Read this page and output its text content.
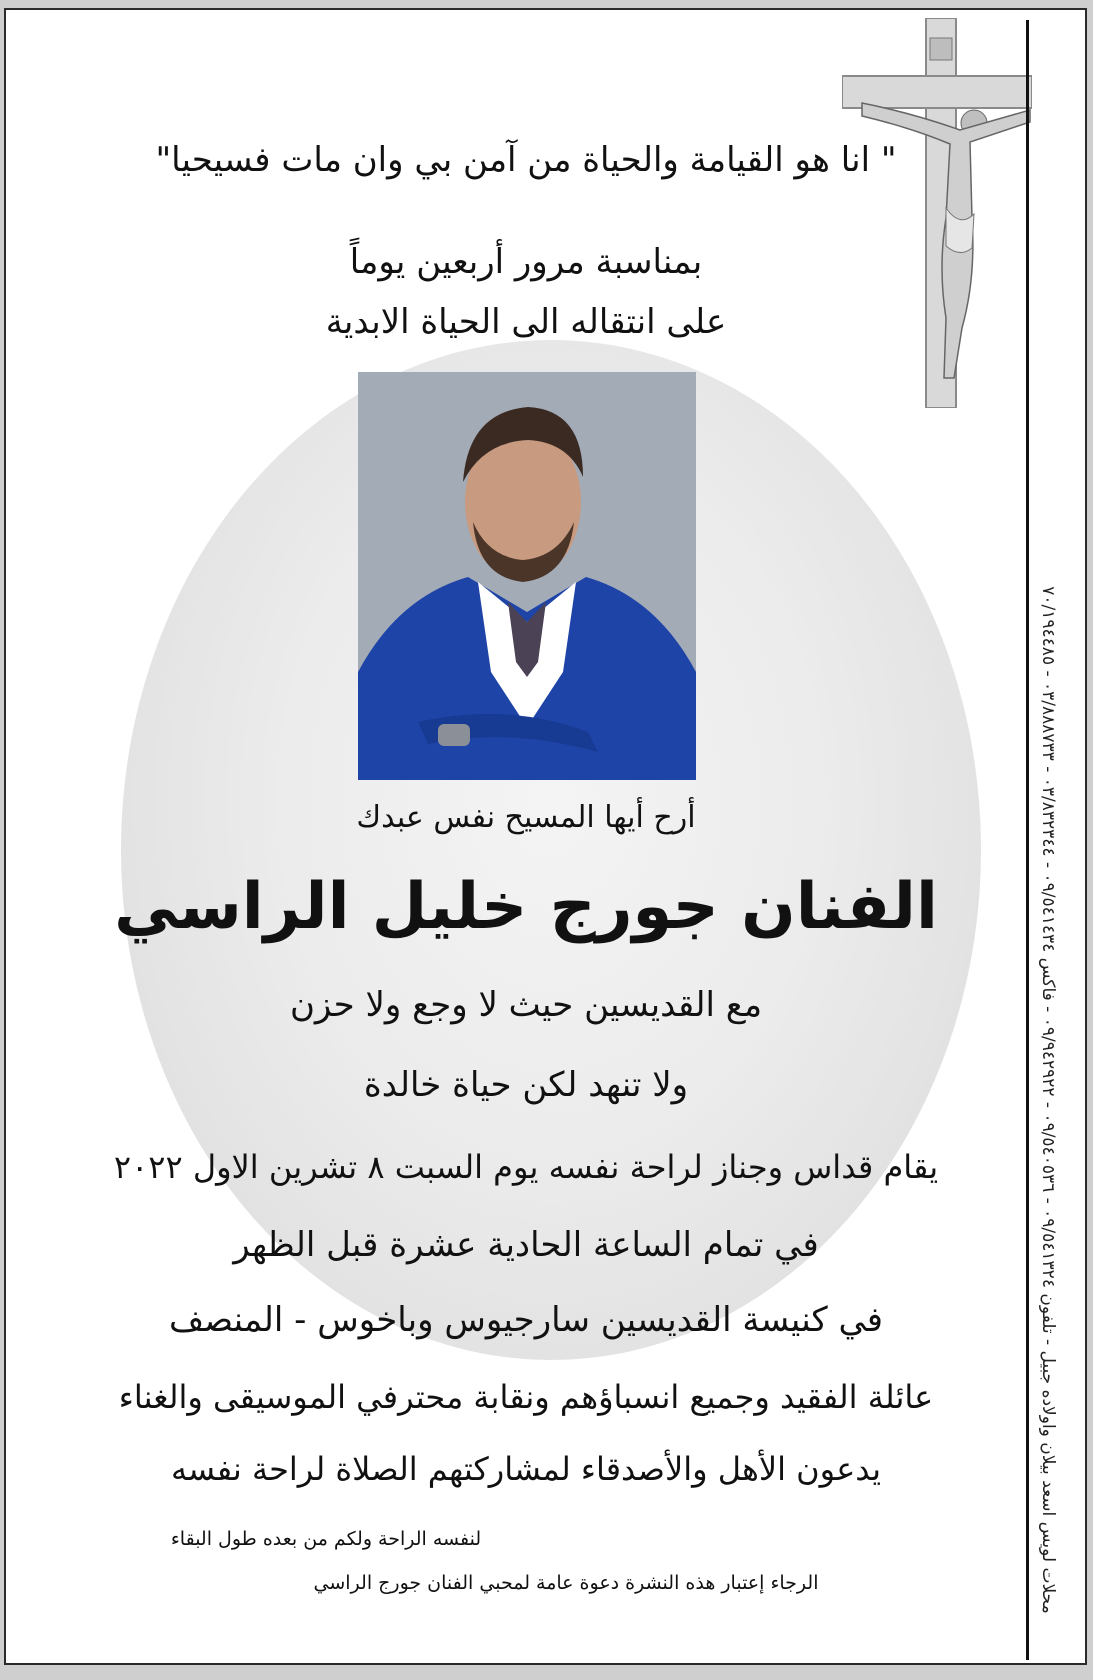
" انا هو القيامة والحياة من آمن بي وان مات فسيحيا"
بمناسبة مرور أربعين يوماً
على انتقاله الى الحياة الابدية
أرح أيها المسيح نفس عبدك
الفنان جورج خليل الراسي
مع القديسين حيث لا وجع ولا حزن
ولا تنهد لكن حياة خالدة
يقام قداس وجناز لراحة نفسه يوم السبت ٨ تشرين الاول ٢٠٢٢
في تمام الساعة الحادية عشرة قبل الظهر
في كنيسة القديسين سارجيوس وباخوس - المنصف
عائلة الفقيد وجميع انسباؤهم ونقابة محترفي الموسيقى والغناء
يدعون الأهل والأصدقاء لمشاركتهم الصلاة لراحة نفسه
لنفسه الراحة ولكم من بعده طول البقاء
الرجاء إعتبار هذه النشرة دعوة عامة لمحبي الفنان جورج الراسي
محلات لويس اسعد بيلان واولاده جبيل - تلفون ٠٩/٥٤١٣٢٤ - ٠٩/٥٤٠٥٣٦ - ٠٩/٩٤٢٩٢٢ - فاكس ٠٩/٥٤١٤٣٤ - ٠٣/٨٣٢٣٤٤ - ٠٣/٨٨٨٧٣٣ - ٧٠/١٩٤٤٨٥
